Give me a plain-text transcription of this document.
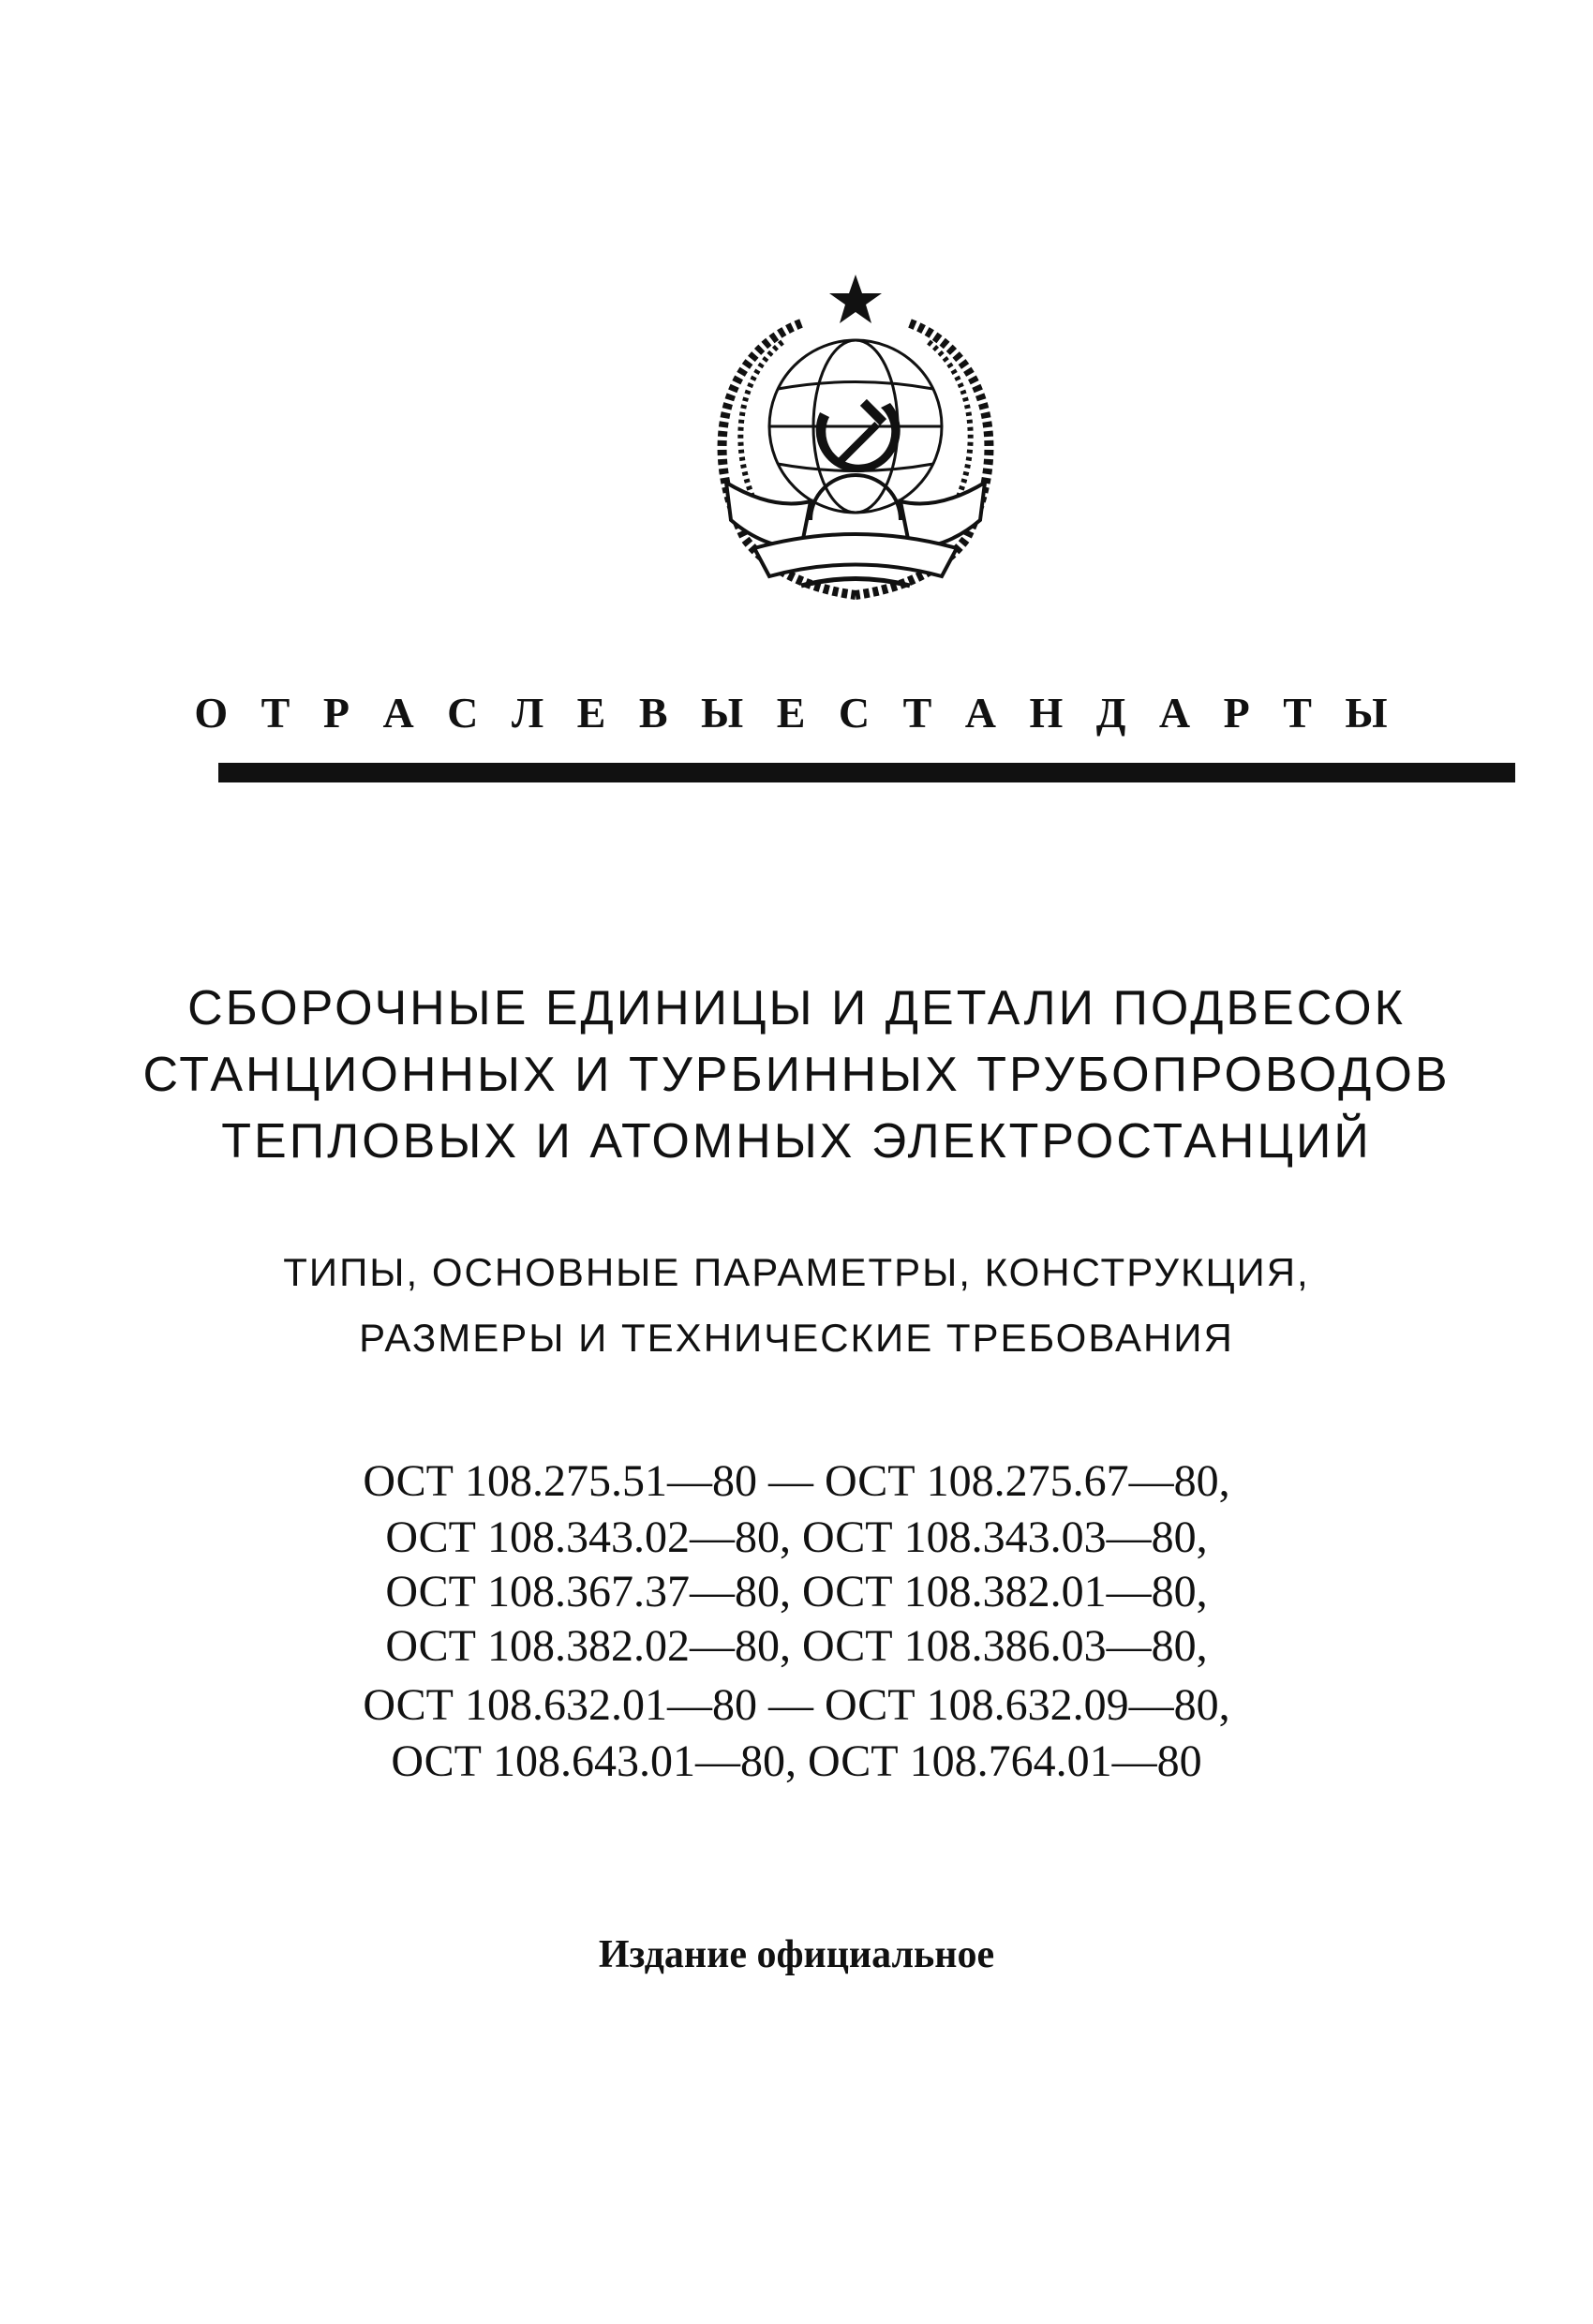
О Т Р А С Л Е В Ы Е С Т А Н Д А Р Т Ы
СБОРОЧНЫЕ ЕДИНИЦЫ И ДЕТАЛИ ПОДВЕСОК
СТАНЦИОННЫХ И ТУРБИННЫХ ТРУБОПРОВОДОВ
ТЕПЛОВЫХ И АТОМНЫХ ЭЛЕКТРОСТАНЦИЙ
ТИПЫ, ОСНОВНЫЕ ПАРАМЕТРЫ, КОНСТРУКЦИЯ,
РАЗМЕРЫ И ТЕХНИЧЕСКИЕ ТРЕБОВАНИЯ
ОСТ 108.275.51—80 — ОСТ 108.275.67—80,
ОСТ 108.343.02—80, ОСТ 108.343.03—80,
ОСТ 108.367.37—80, ОСТ 108.382.01—80,
ОСТ 108.382.02—80, ОСТ 108.386.03—80,
ОСТ 108.632.01—80 — ОСТ 108.632.09—80,
ОСТ 108.643.01—80, ОСТ 108.764.01—80
Издание официальное
